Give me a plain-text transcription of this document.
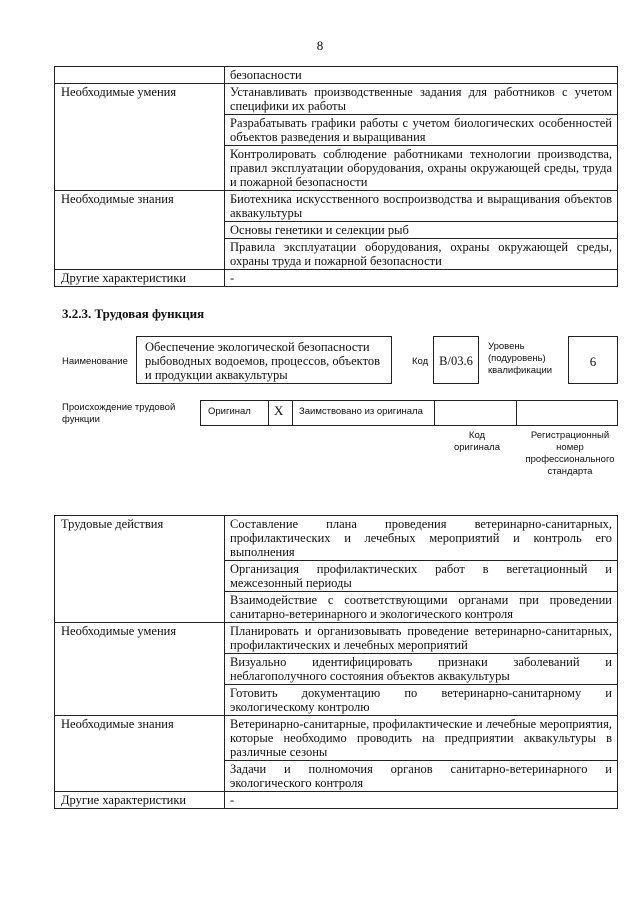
8
	безопасности
Необходимые умения	Устанавливать производственные задания для работников с учетом специфики их работы
	Разрабатывать графики работы с учетом биологических особенностей объектов разведения и выращивания
	Контролировать соблюдение работниками технологии производства, правил эксплуатации оборудования, охраны окружающей среды, труда и пожарной безопасности
Необходимые знания	Биотехника искусственного воспроизводства и выращивания объектов аквакультуры
	Основы генетики и селекции рыб
	Правила эксплуатации оборудования, охраны окружающей среды, охраны труда и пожарной безопасности
Другие характеристики	-
3.2.3. Трудовая функция
Наименование
Обеспечение экологической безопасности рыбоводных водоемов, процессов, объектов и продукции аквакультуры
Код B/03.6
Уровень (подуровень) квалификации
6
Происхождение трудовой функции
Оригинал X Заимствовано из оригинала
Код оригинала
Регистрационный номер профессионального стандарта
Трудовые действия	Составление плана проведения ветеринарно-санитарных, профилактических и лечебных мероприятий и контроль его выполнения
	Организация профилактических работ в вегетационный и межсезонный периоды
	Взаимодействие с соответствующими органами при проведении санитарно-ветеринарного и экологического контроля
Необходимые умения	Планировать и организовывать проведение ветеринарно-санитарных, профилактических и лечебных мероприятий
	Визуально идентифицировать признаки заболеваний и неблагополучного состояния объектов аквакультуры
	Готовить документацию по ветеринарно-санитарному и экологическому контролю
Необходимые знания	Ветеринарно-санитарные, профилактические и лечебные мероприятия, которые необходимо проводить на предприятии аквакультуры в различные сезоны
	Задачи и полномочия органов санитарно-ветеринарного и экологического контроля
Другие характеристики	-
